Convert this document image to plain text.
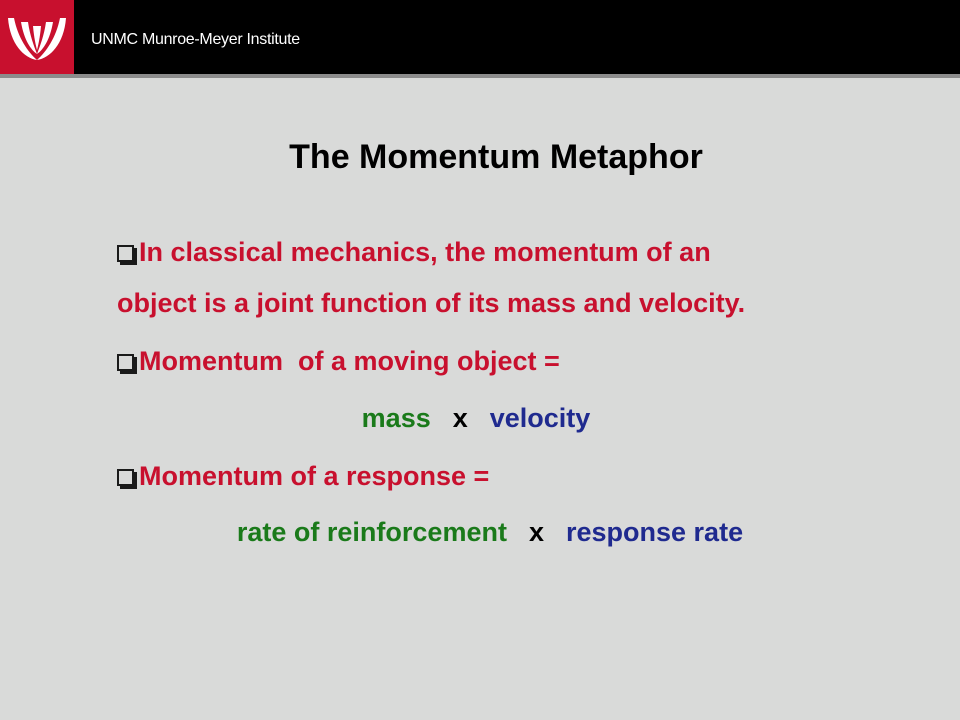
UNMC Munroe-Meyer Institute
The Momentum Metaphor
In classical mechanics, the momentum of an
object is a joint function of its mass and velocity.
Momentum  of a moving object =
mass x velocity
Momentum of a response =
rate of reinforcement x response rate
